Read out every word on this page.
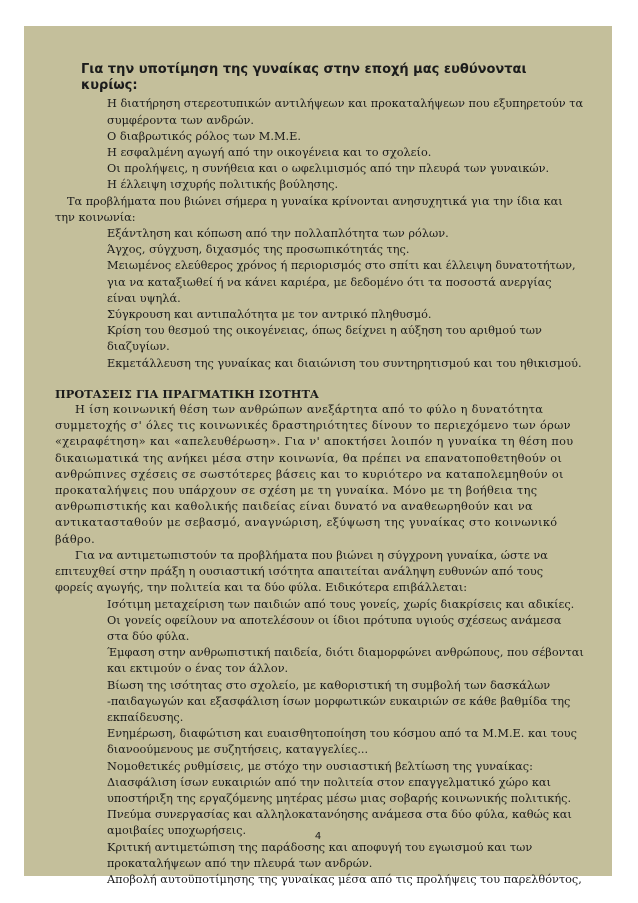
Για την υποτίμηση της γυναίκας στην εποχή μας ευθύνονται κυρίως:
Η διατήρηση στερεοτυπικών αντιλήψεων και προκαταλήψεων που εξυπηρετούν τα συμφέροντα των ανδρών.
Ο διαβρωτικός ρόλος των Μ.Μ.Ε.
Η εσφαλμένη αγωγή από την οικογένεια και το σχολείο.
Οι προλήψεις, η συνήθεια και ο ωφελιμισμός από την πλευρά των γυναικών.
Η έλλειψη ισχυρής πολιτικής βούλησης.

Τα προβλήματα που βιώνει σήμερα η γυναίκα κρίνονται ανησυχητικά για την ίδια και την κοινωνία:

Εξάντληση και κόπωση από την πολλαπλότητα των ρόλων.
Άγχος, σύγχυση, διχασμός της προσωπικότητάς της.
Μειωμένος ελεύθερος χρόνος ή περιορισμός στο σπίτι και έλλειψη δυνατοτήτων, για να καταξιωθεί ή να κάνει καριέρα, με δεδομένο ότι τα ποσοστά ανεργίας είναι υψηλά.
Σύγκρουση και αντιπαλότητα με τον αντρικό πληθυσμό.
Κρίση του θεσμού της οικογένειας, όπως δείχνει η αύξηση του αριθμού των διαζυγίων.
Εκμετάλλευση της γυναίκας και διαιώνιση του συντηρητισμού και του ηθικισμού.

ΠΡΟΤΑΣΕΙΣ ΓΙΑ ΠΡΑΓΜΑΤΙΚΗ ΙΣΟΤΗΤΑ

Η ίση κοινωνική θέση των ανθρώπων ανεξάρτητα από το φύλο η δυνατότητα συμμετοχής σ' όλες τις κοινωνικές δραστηριότητες δίνουν το περιεχόμενο των όρων «χειραφέτηση» και «απελευθέρωση». Για ν' αποκτήσει λοιπόν η γυναίκα τη θέση που δικαιωματικά της ανήκει μέσα στην κοινωνία, θα πρέπει να επανατοποθετηθούν οι ανθρώπινες σχέσεις σε σωστότερες βάσεις και το κυριότερο να καταπολεμηθούν οι προκαταλήψεις που υπάρχουν σε σχέση με τη γυναίκα. Μόνο με τη βοήθεια της ανθρωπιστικής και καθολικής παιδείας είναι δυνατό να αναθεωρηθούν και να αντικατασταθούν με σεβασμό, αναγνώριση, εξύψωση της γυναίκας στο κοινωνικό βάθρο.

Για να αντιμετωπιστούν τα προβλήματα που βιώνει η σύγχρονη γυναίκα, ώστε να επιτευχθεί στην πράξη η ουσιαστική ισότητα απαιτείται ανάληψη ευθυνών από τους φορείς αγωγής, την πολιτεία και τα δύο φύλα. Ειδικότερα επιβάλλεται:

Ισότιμη μεταχείριση των παιδιών από τους γονείς, χωρίς διακρίσεις και αδικίες. Οι γονείς οφείλουν να αποτελέσουν οι ίδιοι πρότυπα υγιούς σχέσεως ανάμεσα στα δύο φύλα.
Έμφαση στην ανθρωπιστική παιδεία, διότι διαμορφώνει ανθρώπους, που σέβονται και εκτιμούν ο ένας τον άλλον.
Βίωση της ισότητας στο σχολείο, με καθοριστική τη συμβολή των δασκάλων -παιδαγωγών και εξασφάλιση ίσων μορφωτικών ευκαιριών σε κάθε βαθμίδα της εκπαίδευσης.
Ενημέρωση, διαφώτιση και ευαισθητοποίηση του κόσμου από τα Μ.Μ.Ε. και τους διανοούμενους με συζητήσεις, καταγγελίες...
Νομοθετικές ρυθμίσεις, με στόχο την ουσιαστική βελτίωση της γυναίκας: Διασφάλιση ίσων ευκαιριών από την πολιτεία στον επαγγελματικό χώρο και υποστήριξη της εργαζόμενης μητέρας μέσω μιας σοβαρής κοινωνικής πολιτικής.
Πνεύμα συνεργασίας και αλληλοκατανόησης ανάμεσα στα δύο φύλα, καθώς και αμοιβαίες υποχωρήσεις.
Κριτική αντιμετώπιση της παράδοσης και αποφυγή του εγωισμού και των προκαταλήψεων από την πλευρά των ανδρών.
Αποβολή αυτοϋποτίμησης της γυναίκας μέσα από τις προλήψεις του παρελθόντος,
4
